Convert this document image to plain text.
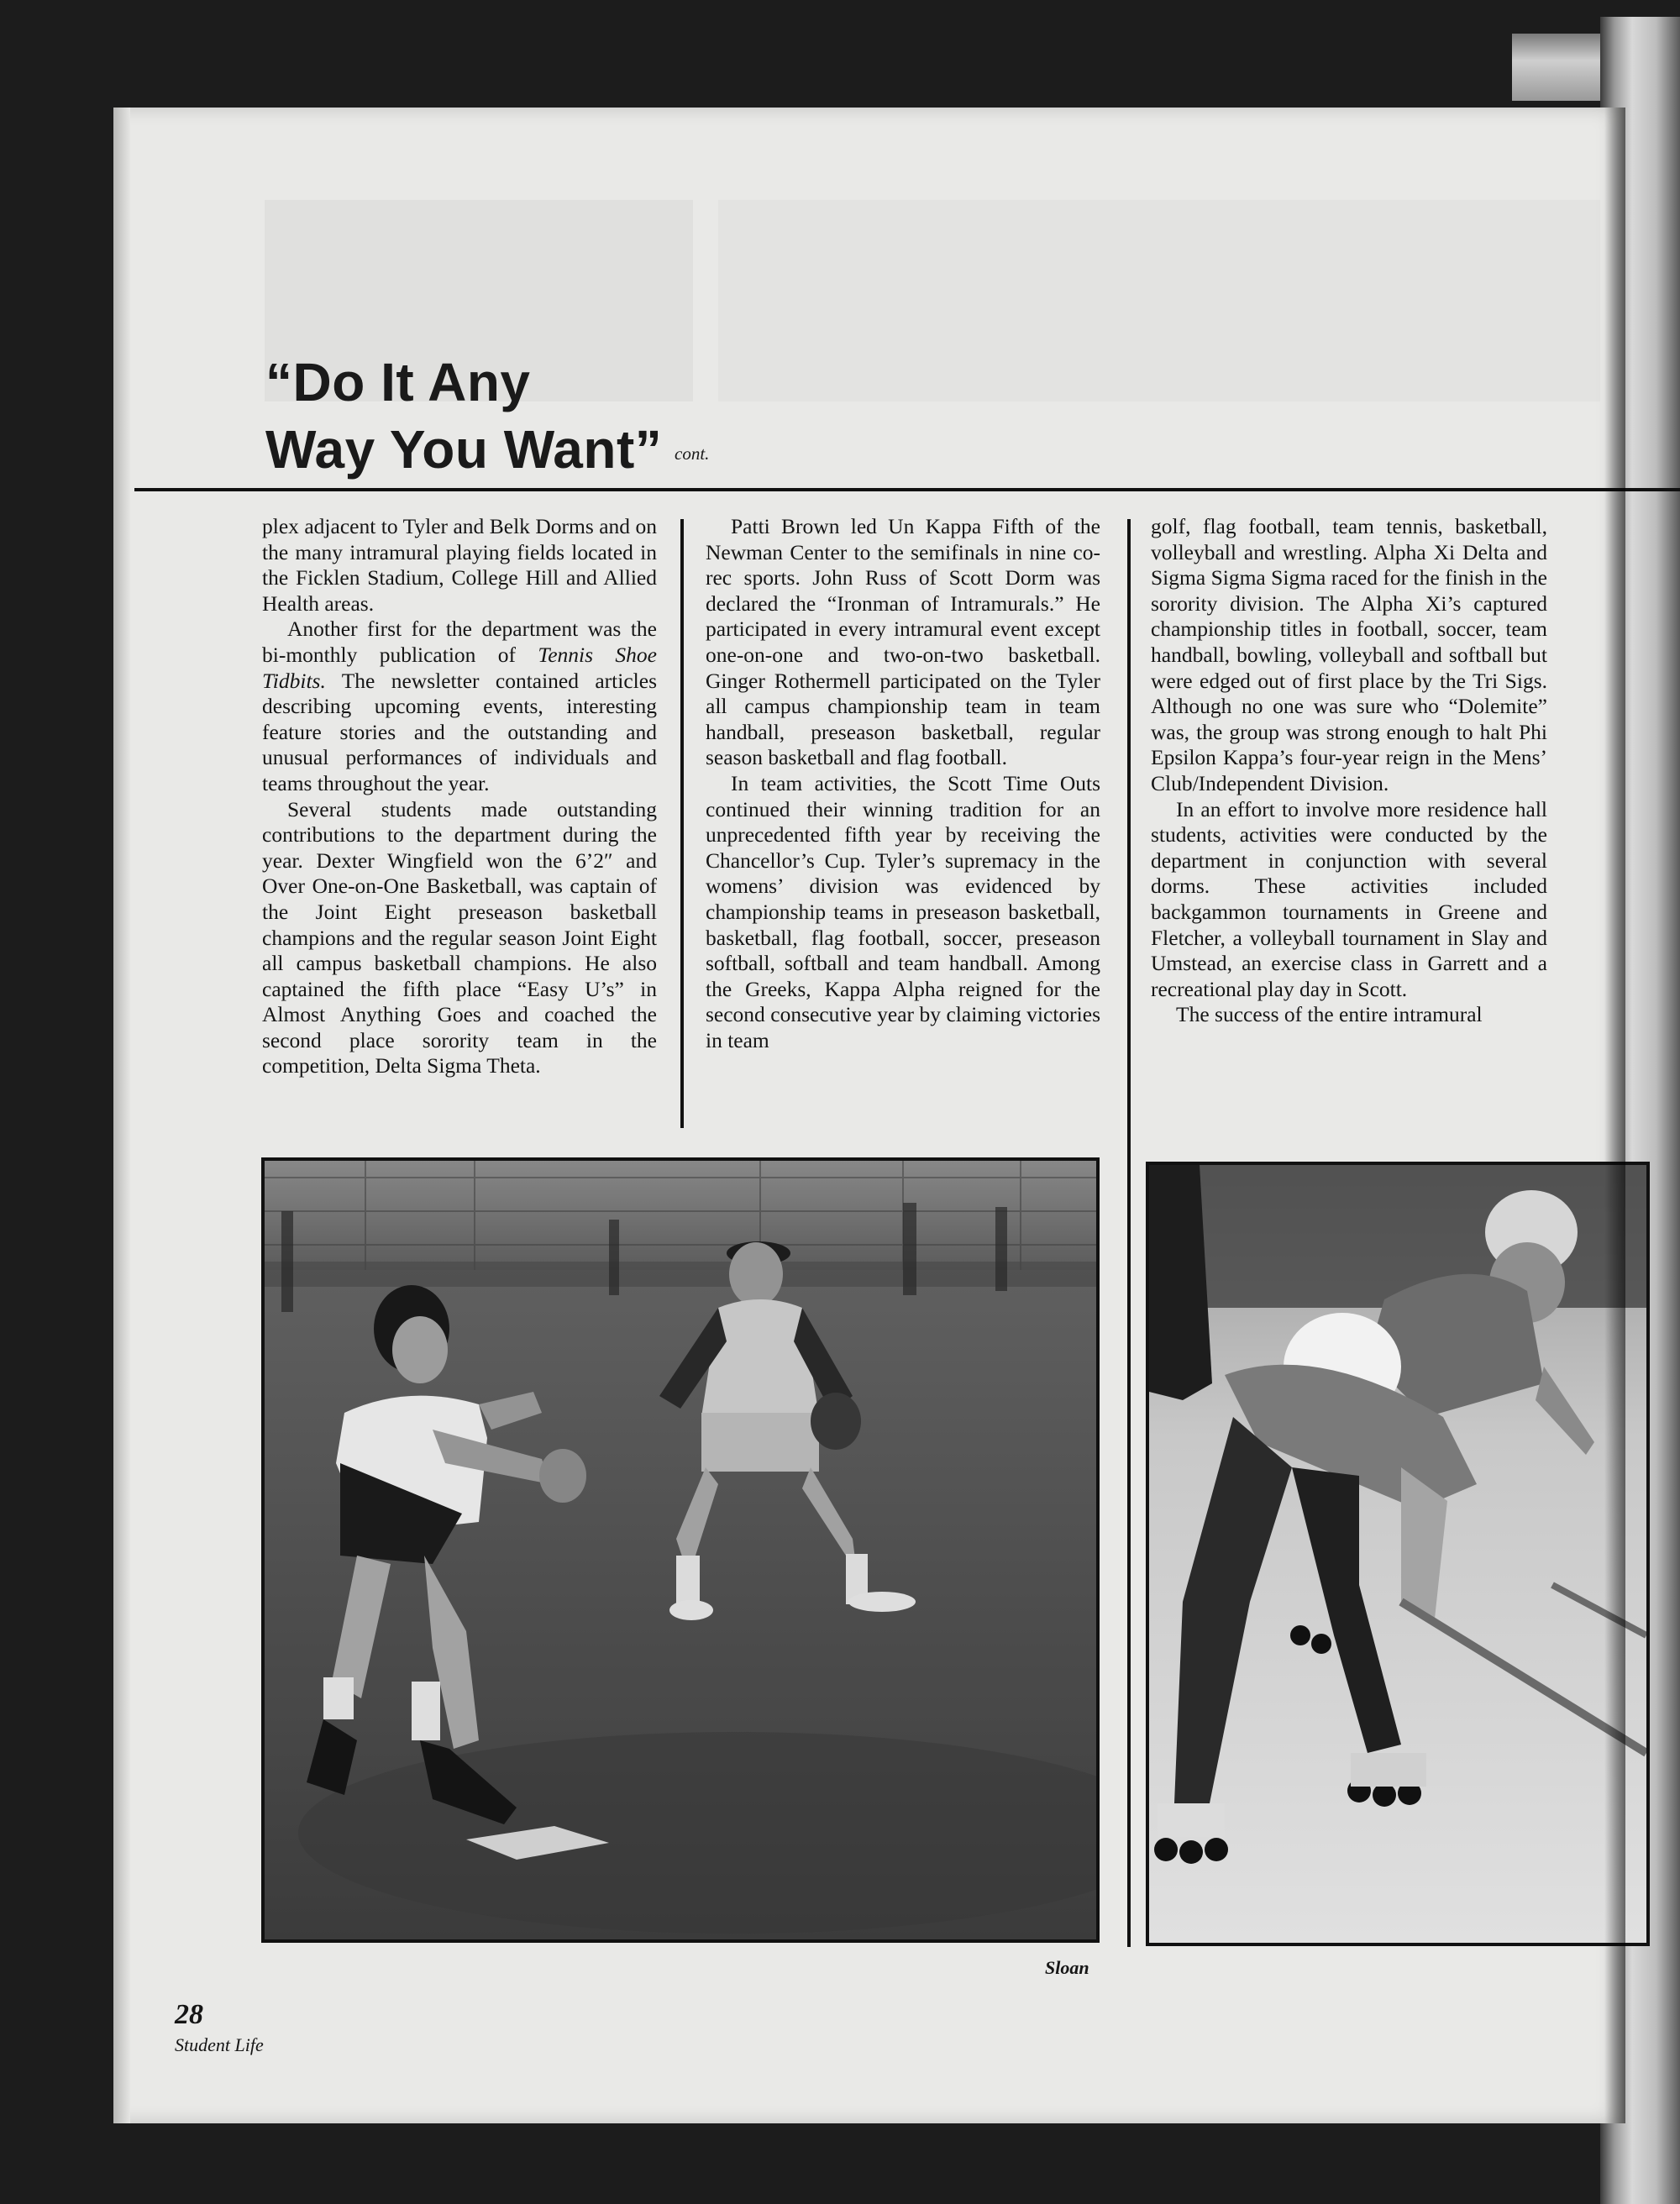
“Do It Any
Way You Want” cont.

plex adjacent to Tyler and Belk Dorms and on the many intramural playing fields located in the Ficklen Stadium, College Hill and Allied Health areas.

Another first for the department was the bi-monthly publication of Tennis Shoe Tidbits. The newsletter contained articles describing upcoming events, interesting feature stories and the outstanding and unusual performances of individuals and teams throughout the year.

Several students made outstanding contributions to the department during the year. Dexter Wingfield won the 6’2″ and Over One-on-One Basketball, was captain of the Joint Eight preseason basketball champions and the regular season Joint Eight all campus basketball champions. He also captained the fifth place “Easy U’s” in Almost Anything Goes and coached the second place sorority team in the competition, Delta Sigma Theta.

Patti Brown led Un Kappa Fifth of the Newman Center to the semifinals in nine co-rec sports. John Russ of Scott Dorm was declared the “Ironman of Intramurals.” He participated in every intramural event except one-on-one and two-on-two basketball. Ginger Rothermell participated on the Tyler all campus championship team in team handball, preseason basketball, regular season basketball and flag football.

In team activities, the Scott Time Outs continued their winning tradition for an unprecedented fifth year by receiving the Chancellor’s Cup. Tyler’s supremacy in the womens’ division was evidenced by championship teams in preseason basketball, basketball, flag football, soccer, preseason softball, softball and team handball. Among the Greeks, Kappa Alpha reigned for the second consecutive year by claiming victories in team

golf, flag football, team tennis, basketball, volleyball and wrestling. Alpha Xi Delta and Sigma Sigma Sigma raced for the finish in the sorority division. The Alpha Xi’s captured championship titles in football, soccer, team handball, bowling, volleyball and softball but were edged out of first place by the Tri Sigs. Although no one was sure who “Dolemite” was, the group was strong enough to halt Phi Epsilon Kappa’s four-year reign in the Mens’ Club/Independent Division.

In an effort to involve more residence hall students, activities were conducted by the department in conjunction with several dorms. These activities included backgammon tournaments in Greene and Fletcher, a volleyball tournament in Slay and Umstead, an exercise class in Garrett and a recreational play day in Scott.

The success of the entire intramural

Sloan
28
Student Life
